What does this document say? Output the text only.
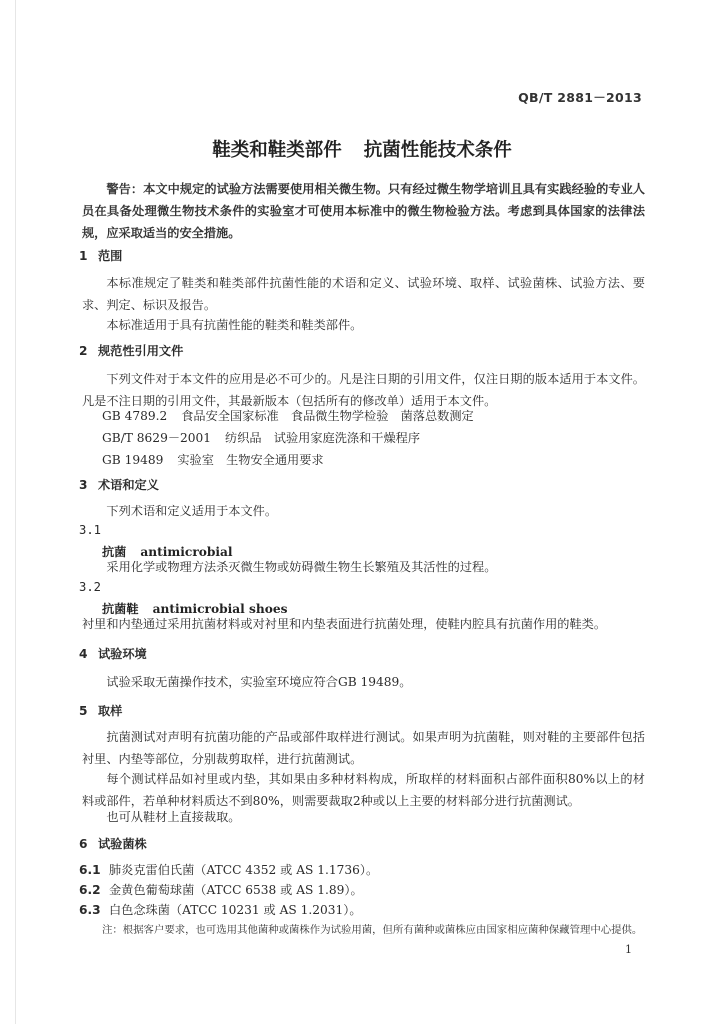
QB/T 2881－2013
鞋类和鞋类部件 抗菌性能技术条件
警告：本文中规定的试验方法需要使用相关微生物。只有经过微生物学培训且具有实践经验的专业人员在具备处理微生物技术条件的实验室才可使用本标准中的微生物检验方法。考虑到具体国家的法律法规，应采取适当的安全措施。
1 范围
本标准规定了鞋类和鞋类部件抗菌性能的术语和定义、试验环境、取样、试验菌株、试验方法、要求、判定、标识及报告。
本标准适用于具有抗菌性能的鞋类和鞋类部件。
2 规范性引用文件
下列文件对于本文件的应用是必不可少的。凡是注日期的引用文件，仅注日期的版本适用于本文件。凡是不注日期的引用文件，其最新版本（包括所有的修改单）适用于本文件。
GB 4789.2 食品安全国家标准　食品微生物学检验　菌落总数测定
GB/T 8629－2001 纺织品　试验用家庭洗涤和干燥程序
GB 19489 实验室　生物安全通用要求
3 术语和定义
下列术语和定义适用于本文件。
3.1
抗菌 antimicrobial
采用化学或物理方法杀灭微生物或妨碍微生物生长繁殖及其活性的过程。
3.2
抗菌鞋 antimicrobial shoes
衬里和内垫通过采用抗菌材料或对衬里和内垫表面进行抗菌处理，使鞋内腔具有抗菌作用的鞋类。
4 试验环境
试验采取无菌操作技术，实验室环境应符合GB 19489。
5 取样
抗菌测试对声明有抗菌功能的产品或部件取样进行测试。如果声明为抗菌鞋，则对鞋的主要部件包括衬里、内垫等部位，分别裁剪取样，进行抗菌测试。
每个测试样品如衬里或内垫，其如果由多种材料构成，所取样的材料面积占部件面积80%以上的材料或部件，若单种材料质达不到80%，则需要裁取2种或以上主要的材料部分进行抗菌测试。
也可从鞋材上直接裁取。
6 试验菌株
6.1 肺炎克雷伯氏菌（ATCC 4352 或 AS 1.1736）。
6.2 金黄色葡萄球菌（ATCC 6538 或 AS 1.89）。
6.3 白色念珠菌（ATCC 10231 或 AS 1.2031）。
注：根据客户要求，也可选用其他菌种或菌株作为试验用菌，但所有菌种或菌株应由国家相应菌种保藏管理中心提供。
1
